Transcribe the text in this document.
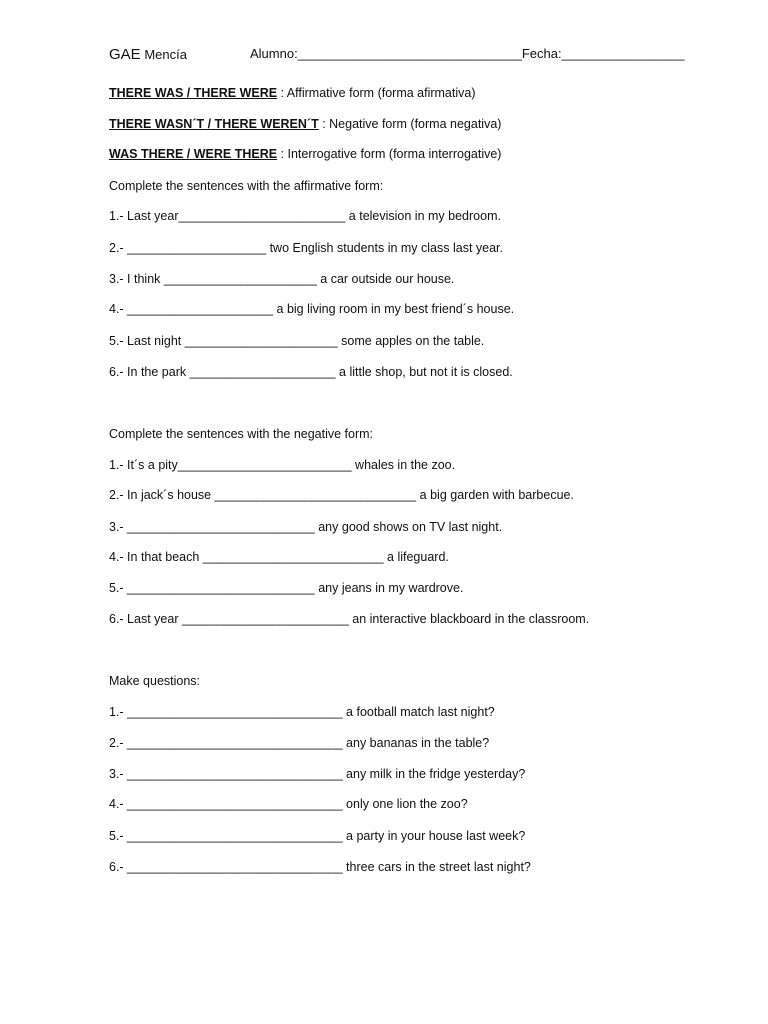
GAE Mencía	Alumno:_______________________________Fecha:_________________
THERE WAS / THERE WERE : Affirmative form (forma afirmativa)
THERE WASN´T / THERE WEREN´T : Negative form (forma negativa)
WAS THERE / WERE THERE : Interrogative form (forma interrogative)
Complete the sentences with the affirmative form:
1.- Last year________________________ a television in my bedroom.
2.- ____________________ two English students in my class last year.
3.- I think ______________________ a car outside our house.
4.- _____________________ a big living room in my best friend´s house.
5.- Last night ______________________ some apples on the table.
6.- In the park _____________________ a little shop, but not it is closed.
Complete the sentences with the negative form:
1.- It´s a pity_________________________ whales in the zoo.
2.- In jack´s house _____________________________ a big garden with barbecue.
3.- ___________________________ any good shows on TV last night.
4.- In that beach __________________________ a lifeguard.
5.- ___________________________ any jeans in my wardrove.
6.- Last year ________________________ an interactive blackboard in the classroom.
Make questions:
1.- _______________________________ a football match last night?
2.- _______________________________ any bananas in the table?
3.- _______________________________ any milk in the fridge yesterday?
4.- _______________________________ only one lion the zoo?
5.- _______________________________ a party in your house last week?
6.- _______________________________ three cars in the street last night?
